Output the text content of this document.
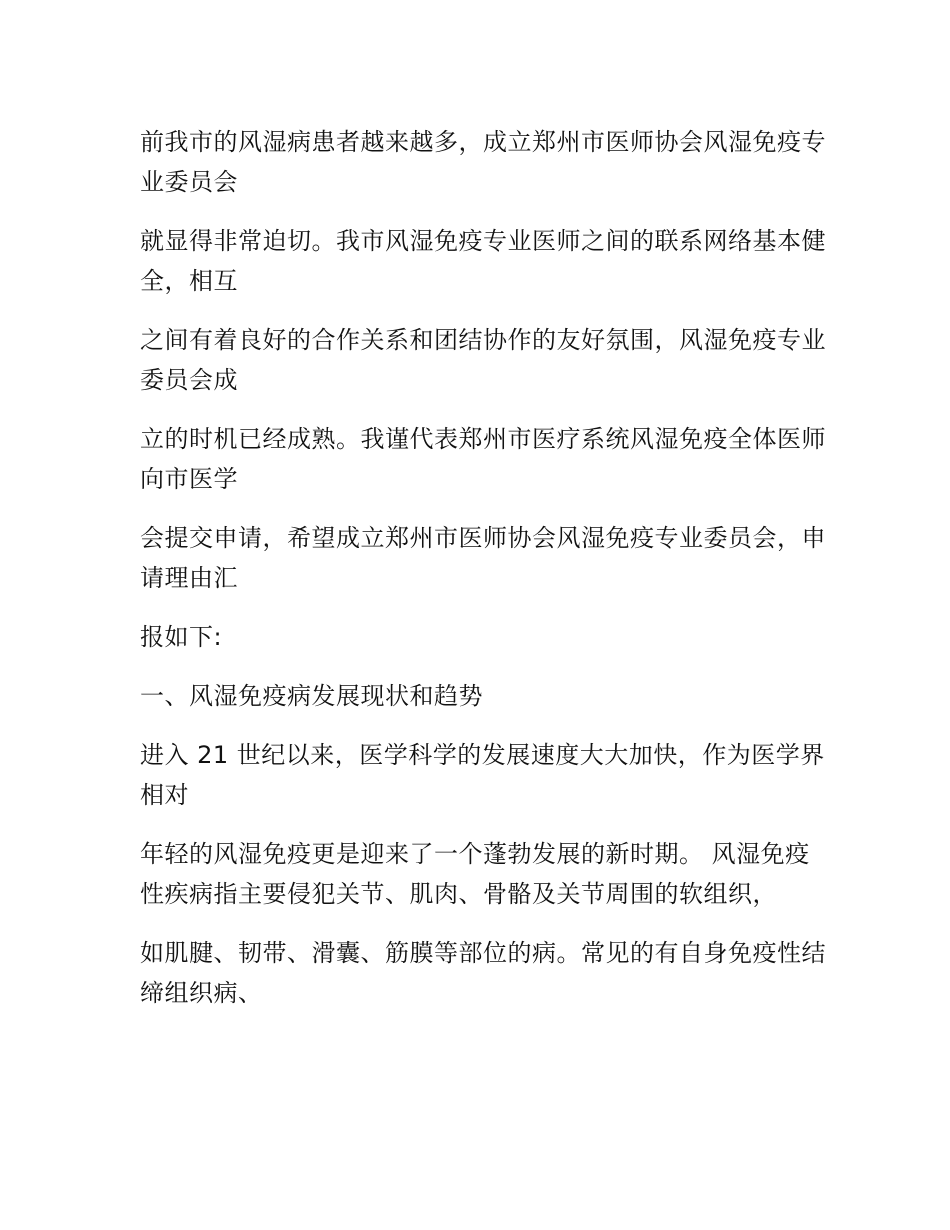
前我市的风湿病患者越来越多，成立郑州市医师协会风湿免疫专业委员会

就显得非常迫切。我市风湿免疫专业医师之间的联系网络基本健全，相互

之间有着良好的合作关系和团结协作的友好氛围，风湿免疫专业委员会成

立的时机已经成熟。我谨代表郑州市医疗系统风湿免疫全体医师向市医学

会提交申请，希望成立郑州市医师协会风湿免疫专业委员会，申请理由汇

报如下:

一、风湿免疫病发展现状和趋势

进入 21 世纪以来，医学科学的发展速度大大加快，作为医学界相对

年轻的风湿免疫更是迎来了一个蓬勃发展的新时期。 风湿免疫性疾病指主要侵犯关节、肌肉、骨骼及关节周围的软组织，

如肌腱、韧带、滑囊、筋膜等部位的病。常见的有自身免疫性结缔组织病、
